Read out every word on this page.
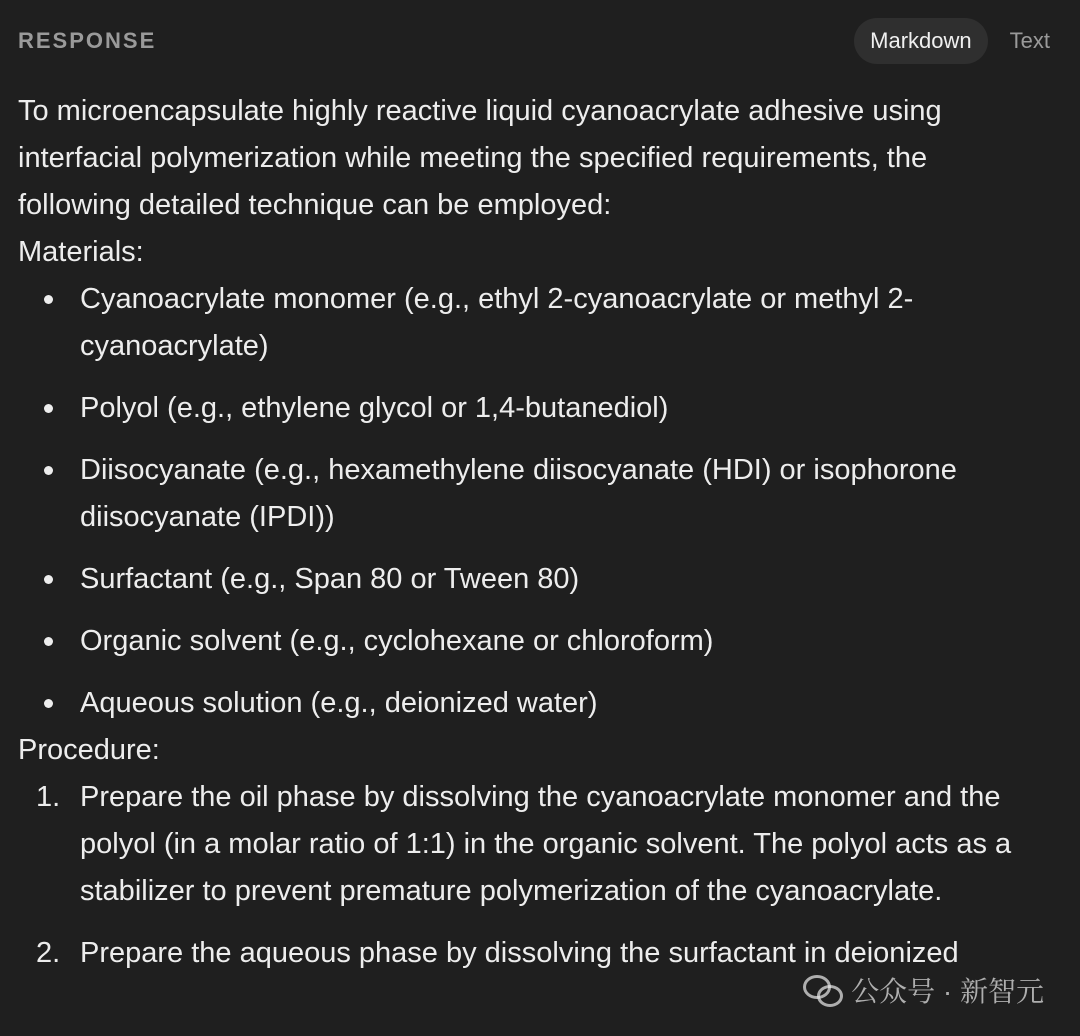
RESPONSE	Markdown	Text

To microencapsulate highly reactive liquid cyanoacrylate adhesive using interfacial polymerization while meeting the specified requirements, the following detailed technique can be employed:

Materials:

Cyanoacrylate monomer (e.g., ethyl 2-cyanoacrylate or methyl 2-cyanoacrylate)
Polyol (e.g., ethylene glycol or 1,4-butanediol)
Diisocyanate (e.g., hexamethylene diisocyanate (HDI) or isophorone diisocyanate (IPDI))
Surfactant (e.g., Span 80 or Tween 80)
Organic solvent (e.g., cyclohexane or chloroform)
Aqueous solution (e.g., deionized water)

Procedure:

1. Prepare the oil phase by dissolving the cyanoacrylate monomer and the polyol (in a molar ratio of 1:1) in the organic solvent. The polyol acts as a stabilizer to prevent premature polymerization of the cyanoacrylate.
2. Prepare the aqueous phase by dissolving the surfactant in deionized
公众号 · 新智元
